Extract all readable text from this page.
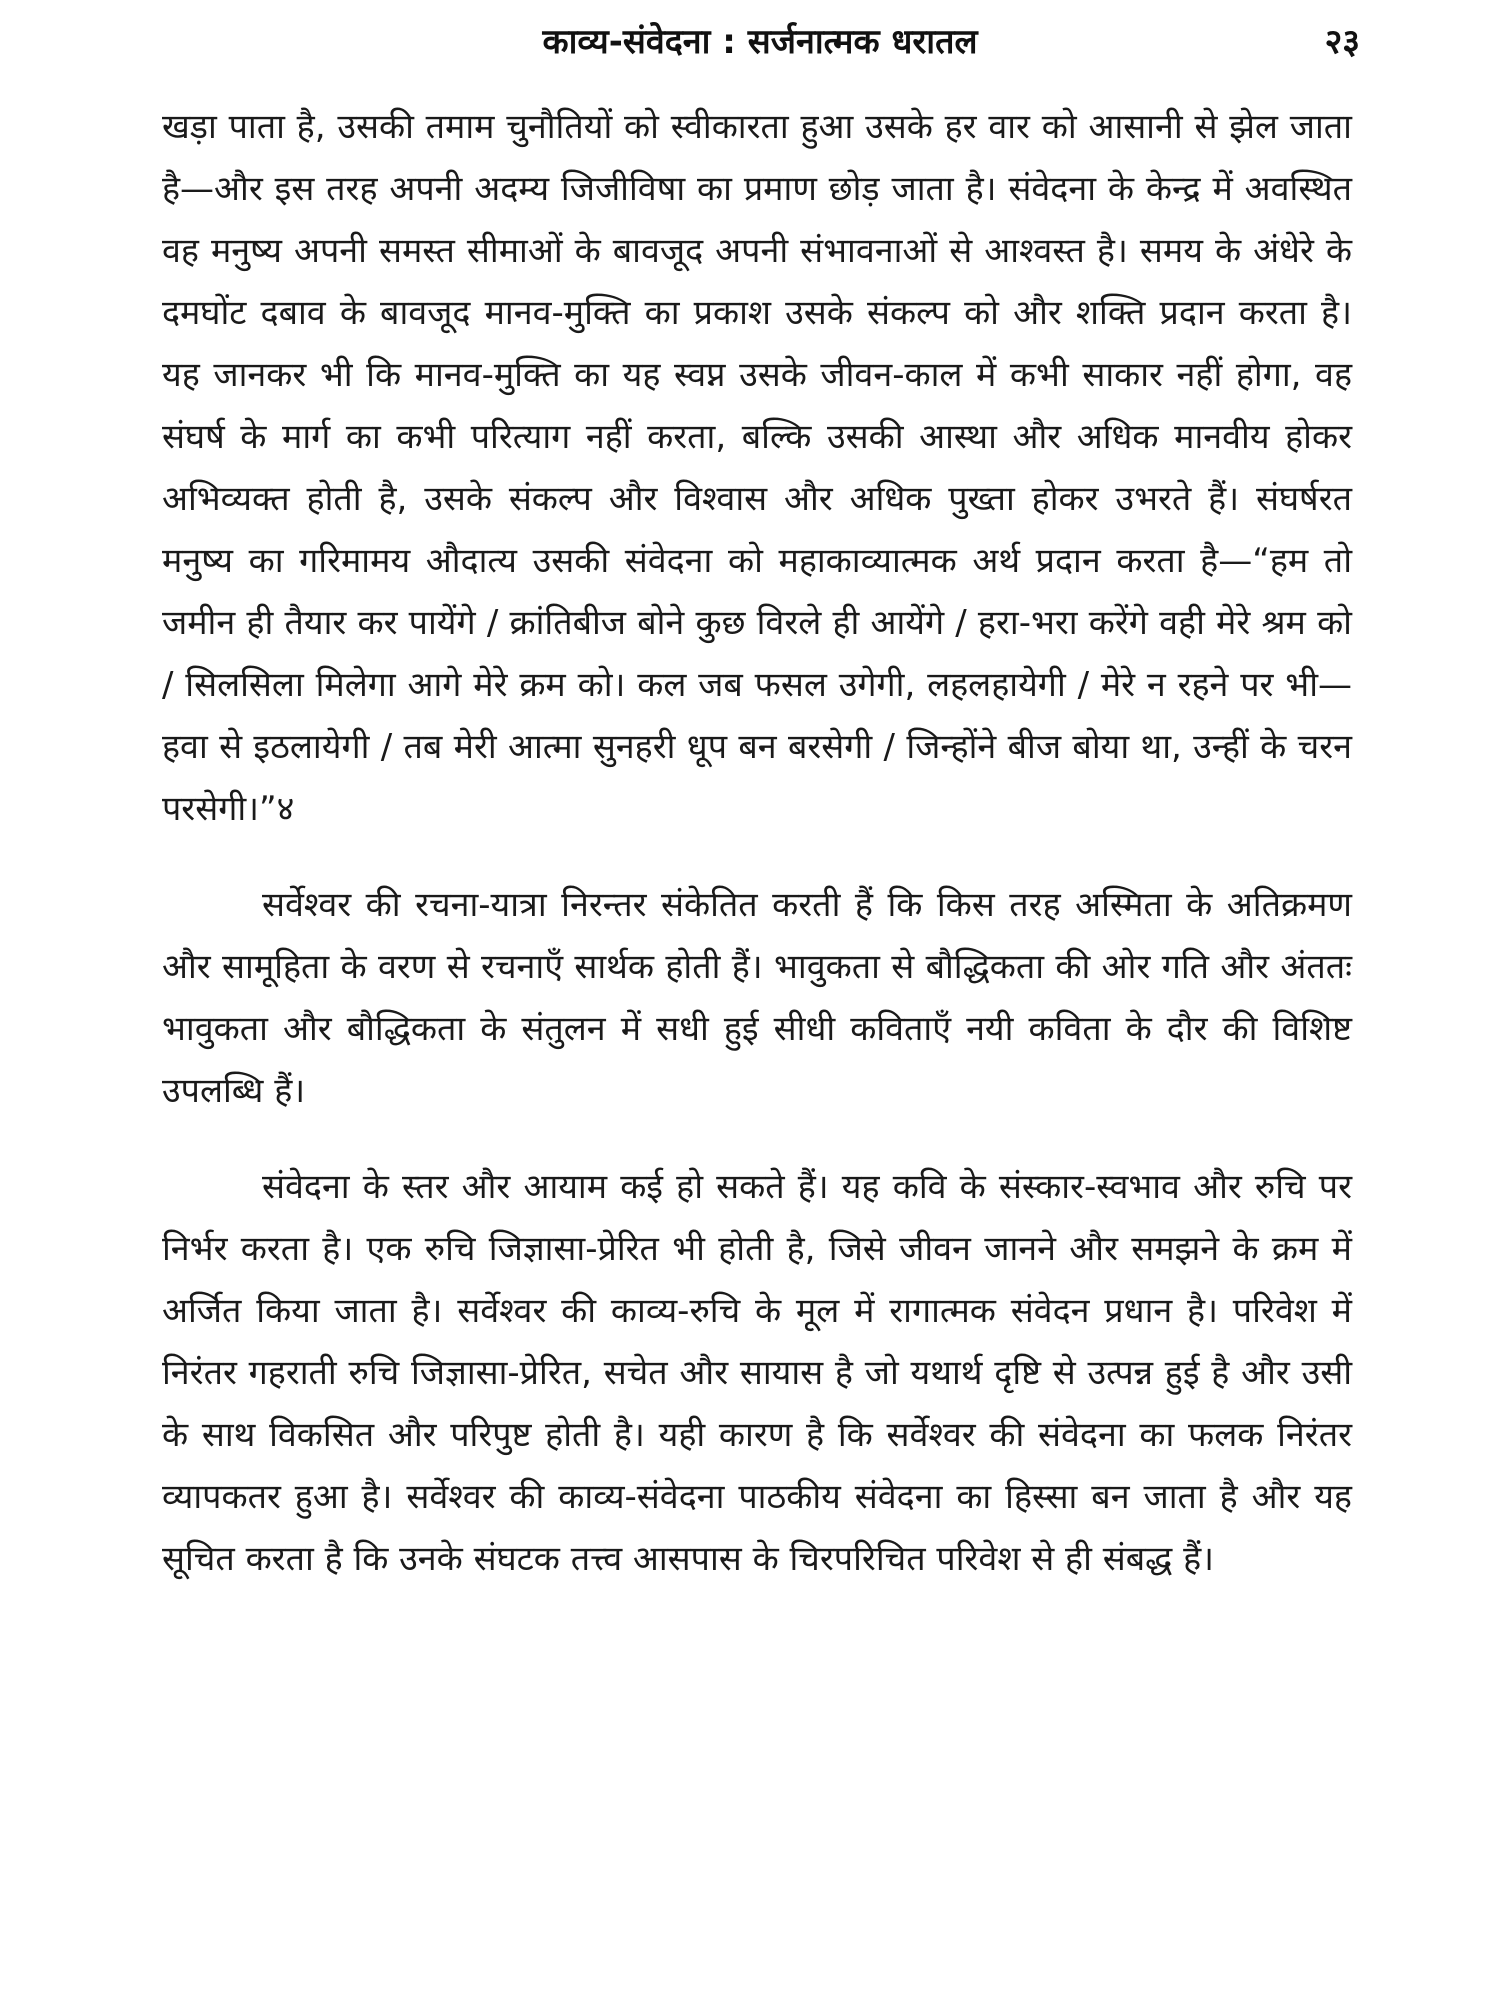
काव्य-संवेदना : सर्जनात्मक धरातल	२३

खड़ा पाता है, उसकी तमाम चुनौतियों को स्वीकारता हुआ उसके हर वार को आसानी से झेल जाता है—और इस तरह अपनी अदम्य जिजीविषा का प्रमाण छोड़ जाता है। संवेदना के केन्द्र में अवस्थित वह मनुष्य अपनी समस्त सीमाओं के बावजूद अपनी संभावनाओं से आश्वस्त है। समय के अंधेरे के दमघोंट दबाव के बावजूद मानव-मुक्ति का प्रकाश उसके संकल्प को और शक्ति प्रदान करता है। यह जानकर भी कि मानव-मुक्ति का यह स्वप्न उसके जीवन-काल में कभी साकार नहीं होगा, वह संघर्ष के मार्ग का कभी परित्याग नहीं करता, बल्कि उसकी आस्था और अधिक मानवीय होकर अभिव्यक्त होती है, उसके संकल्प और विश्वास और अधिक पुख्ता होकर उभरते हैं। संघर्षरत मनुष्य का गरिमामय औदात्य उसकी संवेदना को महाकाव्यात्मक अर्थ प्रदान करता है—“हम तो जमीन ही तैयार कर पायेंगे / क्रांतिबीज बोने कुछ विरले ही आयेंगे / हरा-भरा करेंगे वही मेरे श्रम को / सिलसिला मिलेगा आगे मेरे क्रम को। कल जब फसल उगेगी, लहलहायेगी / मेरे न रहने पर भी—हवा से इठलायेगी / तब मेरी आत्मा सुनहरी धूप बन बरसेगी / जिन्होंने बीज बोया था, उन्हीं के चरन परसेगी।”४

सर्वेश्वर की रचना-यात्रा निरन्तर संकेतित करती हैं कि किस तरह अस्मिता के अतिक्रमण और सामूहिता के वरण से रचनाएँ सार्थक होती हैं। भावुकता से बौद्धिकता की ओर गति और अंततः भावुकता और बौद्धिकता के संतुलन में सधी हुई सीधी कविताएँ नयी कविता के दौर की विशिष्ट उपलब्धि हैं।

संवेदना के स्तर और आयाम कई हो सकते हैं। यह कवि के संस्कार-स्वभाव और रुचि पर निर्भर करता है। एक रुचि जिज्ञासा-प्रेरित भी होती है, जिसे जीवन जानने और समझने के क्रम में अर्जित किया जाता है। सर्वेश्वर की काव्य-रुचि के मूल में रागात्मक संवेदन प्रधान है। परिवेश में निरंतर गहराती रुचि जिज्ञासा-प्रेरित, सचेत और सायास है जो यथार्थ दृष्टि से उत्पन्न हुई है और उसी के साथ विकसित और परिपुष्ट होती है। यही कारण है कि सर्वेश्वर की संवेदना का फलक निरंतर व्यापकतर हुआ है। सर्वेश्वर की काव्य-संवेदना पाठकीय संवेदना का हिस्सा बन जाता है और यह सूचित करता है कि उनके संघटक तत्त्व आसपास के चिरपरिचित परिवेश से ही संबद्ध हैं।
